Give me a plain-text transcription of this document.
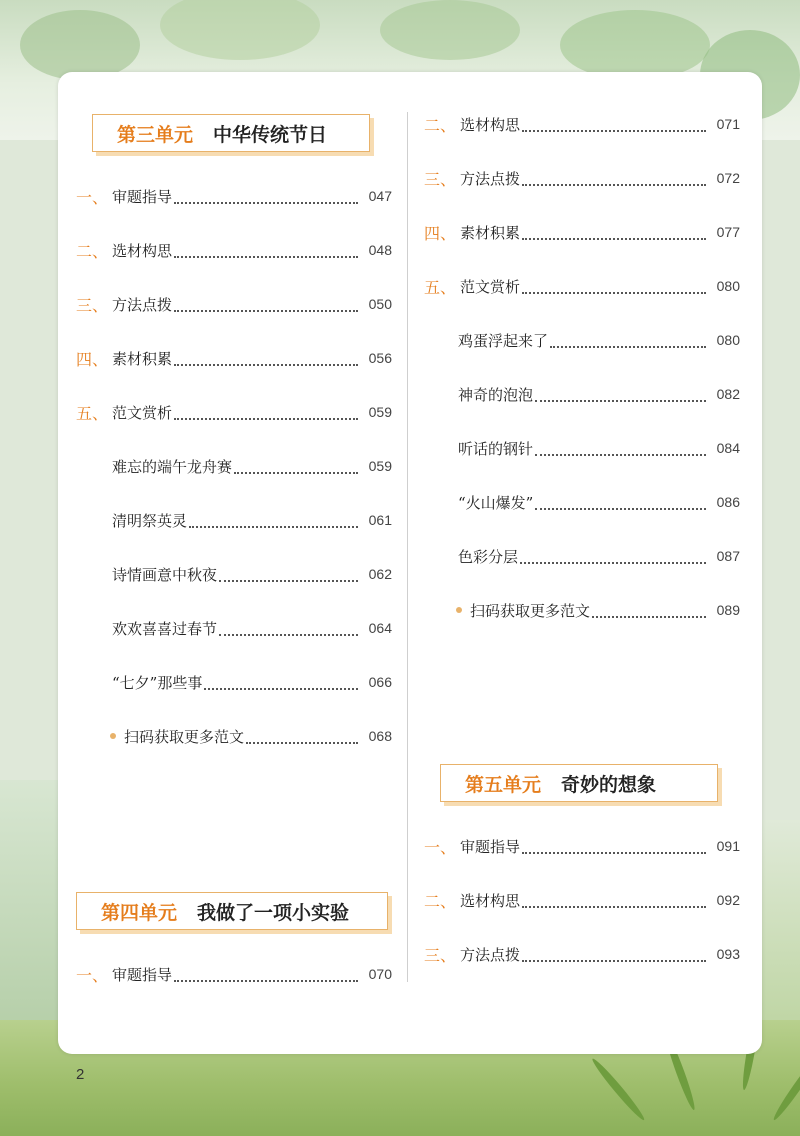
第三单元 中华传统节日
一、 审题指导	047
二、 选材构思	048
三、 方法点拨	050
四、 素材积累	056
五、 范文赏析	059
难忘的端午龙舟赛	059
清明祭英灵	061
诗情画意中秋夜	062
欢欢喜喜过春节	064
“七夕”那些事	066
扫码获取更多范文	068
第四单元 我做了一项小实验
一、 审题指导	070
二、 选材构思	071
三、 方法点拨	072
四、 素材积累	077
五、 范文赏析	080
鸡蛋浮起来了	080
神奇的泡泡	082
听话的钢针	084
“火山爆发”	086
色彩分层	087
扫码获取更多范文	089
第五单元 奇妙的想象
一、 审题指导	091
二、 选材构思	092
三、 方法点拨	093
2
